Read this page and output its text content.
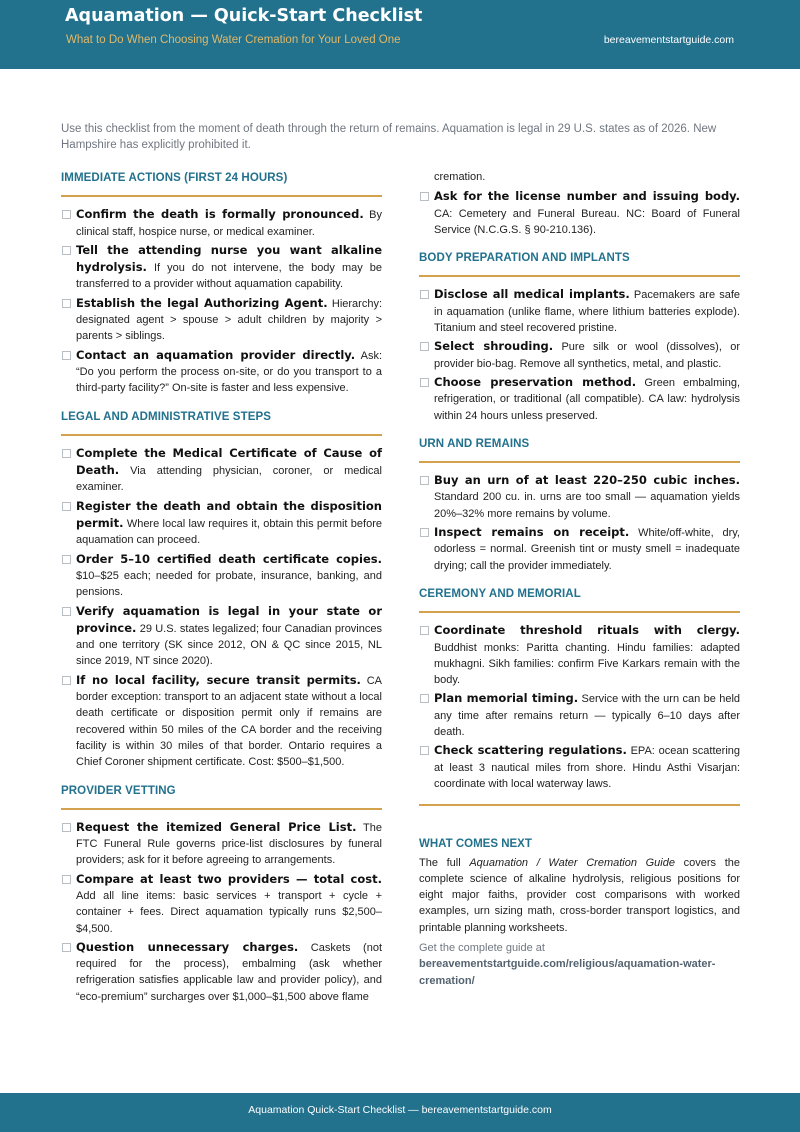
Aquamation — Quick-Start Checklist
What to Do When Choosing Water Cremation for Your Loved One	bereavementstartguide.com
Use this checklist from the moment of death through the return of remains. Aquamation is legal in 29 U.S. states as of 2026. New Hampshire has explicitly prohibited it.
IMMEDIATE ACTIONS (FIRST 24 HOURS)
Confirm the death is formally pronounced. By clinical staff, hospice nurse, or medical examiner.
Tell the attending nurse you want alkaline hydrolysis. If you do not intervene, the body may be transferred to a provider without aquamation capability.
Establish the legal Authorizing Agent. Hierarchy: designated agent > spouse > adult children by majority > parents > siblings.
Contact an aquamation provider directly. Ask: “Do you perform the process on-site, or do you transport to a third-party facility?” On-site is faster and less expensive.
LEGAL AND ADMINISTRATIVE STEPS
Complete the Medical Certificate of Cause of Death. Via attending physician, coroner, or medical examiner.
Register the death and obtain the disposition permit. Where local law requires it, obtain this permit before aquamation can proceed.
Order 5–10 certified death certificate copies. $10–$25 each; needed for probate, insurance, banking, and pensions.
Verify aquamation is legal in your state or province. 29 U.S. states legalized; four Canadian provinces and one territory (SK since 2012, ON & QC since 2015, NL since 2019, NT since 2020).
If no local facility, secure transit permits. CA border exception: transport to an adjacent state without a local death certificate or disposition permit only if remains are recovered within 50 miles of the CA border and the receiving facility is within 30 miles of that border. Ontario requires a Chief Coroner shipment certificate. Cost: $500–$1,500.
PROVIDER VETTING
Request the itemized General Price List. The FTC Funeral Rule governs price-list disclosures by funeral providers; ask for it before agreeing to arrangements.
Compare at least two providers — total cost. Add all line items: basic services + transport + cycle + container + fees. Direct aquamation typically runs $2,500–$4,500.
Question unnecessary charges. Caskets (not required for the process), embalming (ask whether refrigeration satisfies applicable law and provider policy), and “eco-premium” surcharges over $1,000–$1,500 above flame
cremation.
Ask for the license number and issuing body. CA: Cemetery and Funeral Bureau. NC: Board of Funeral Service (N.C.G.S. § 90-210.136).
BODY PREPARATION AND IMPLANTS
Disclose all medical implants. Pacemakers are safe in aquamation (unlike flame, where lithium batteries explode). Titanium and steel recovered pristine.
Select shrouding. Pure silk or wool (dissolves), or provider bio-bag. Remove all synthetics, metal, and plastic.
Choose preservation method. Green embalming, refrigeration, or traditional (all compatible). CA law: hydrolysis within 24 hours unless preserved.
URN AND REMAINS
Buy an urn of at least 220–250 cubic inches. Standard 200 cu. in. urns are too small — aquamation yields 20%–32% more remains by volume.
Inspect remains on receipt. White/off-white, dry, odorless = normal. Greenish tint or musty smell = inadequate drying; call the provider immediately.
CEREMONY AND MEMORIAL
Coordinate threshold rituals with clergy. Buddhist monks: Paritta chanting. Hindu families: adapted mukhagni. Sikh families: confirm Five Karkars remain with the body.
Plan memorial timing. Service with the urn can be held any time after remains return — typically 6–10 days after death.
Check scattering regulations. EPA: ocean scattering at least 3 nautical miles from shore. Hindu Asthi Visarjan: coordinate with local waterway laws.
WHAT COMES NEXT
The full Aquamation / Water Cremation Guide covers the complete science of alkaline hydrolysis, religious positions for eight major faiths, provider cost comparisons with worked examples, urn sizing math, cross-border transport logistics, and printable planning worksheets.
Get the complete guide at
bereavementstartguide.com/religious/aquamation-water-cremation/
Aquamation Quick-Start Checklist — bereavementstartguide.com
